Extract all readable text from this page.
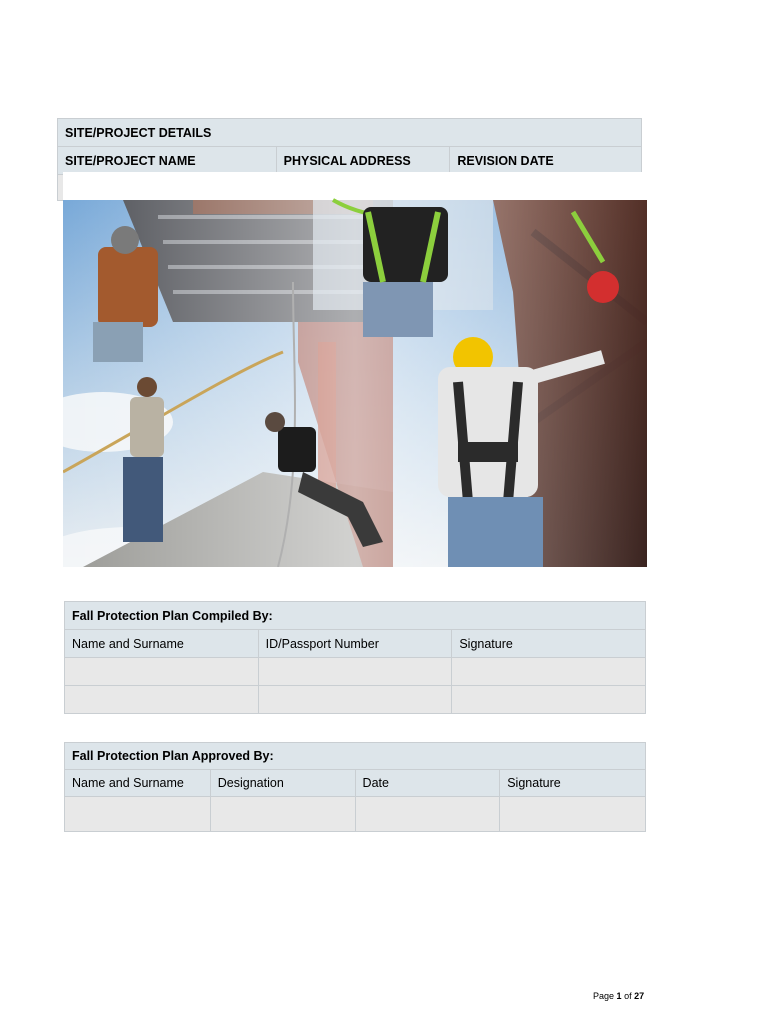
SITE/PROJECT DETAILS		
SITE/PROJECT NAME	PHYSICAL ADDRESS	REVISION DATE

Fall Protection Plan Compiled By:		
Name and Surname	ID/Passport Number	Signature

Fall Protection Plan Approved By:			
Name and Surname	Designation	Date	Signature

Page 1 of 27
